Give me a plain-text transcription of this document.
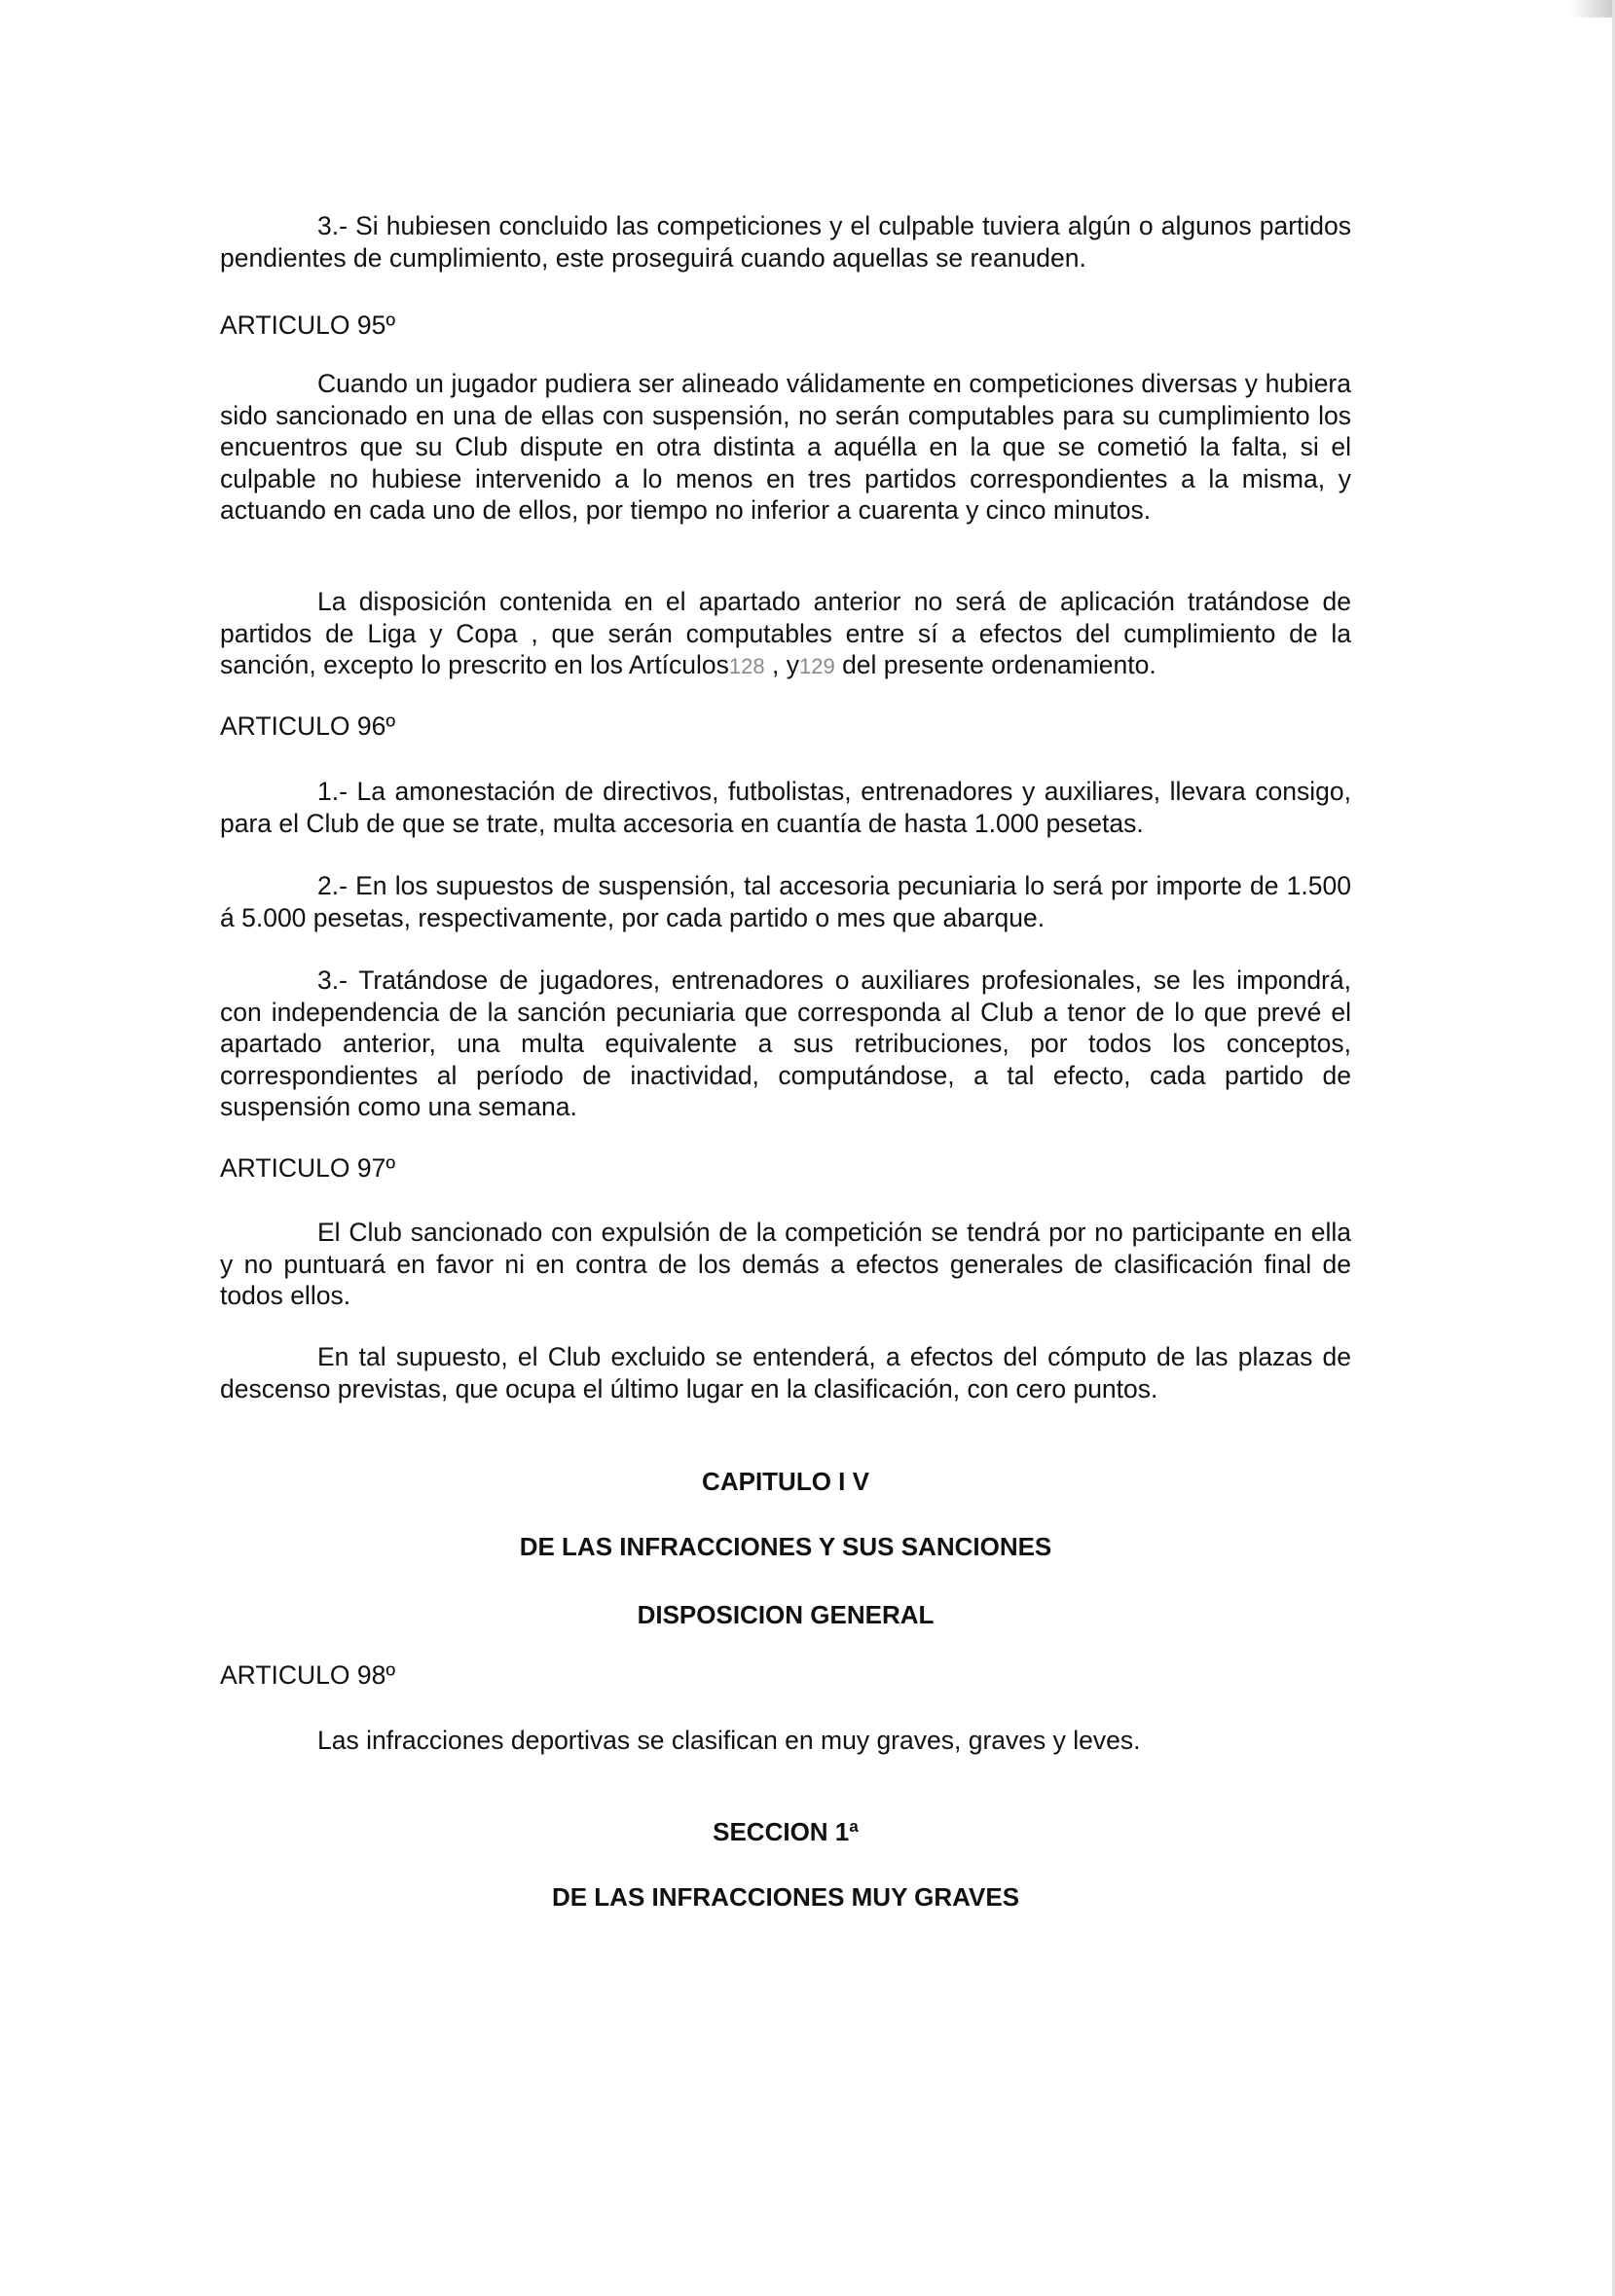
3.- Si hubiesen concluido las competiciones y el culpable tuviera algún o algunos partidos pendientes de cumplimiento, este proseguirá cuando aquellas se reanuden.

ARTICULO 95º

Cuando un jugador pudiera ser alineado válidamente en competiciones diversas y hubiera sido sancionado en una de ellas con suspensión, no serán computables para su cumplimiento los encuentros que su Club dispute en otra distinta a aquélla en la que se cometió la falta, si el culpable no hubiese intervenido a lo menos en tres partidos correspondientes a la misma, y actuando en cada uno de ellos, por tiempo no inferior a cuarenta y cinco minutos.

La disposición contenida en el apartado anterior no será de aplicación tratándose de partidos de Liga y Copa , que serán computables entre sí a efectos del cumplimiento de la sanción, excepto lo prescrito en los Artículos128 , y129 del presente ordenamiento.

ARTICULO 96º

1.- La amonestación de directivos, futbolistas, entrenadores y auxiliares, llevara consigo, para el Club de que se trate, multa accesoria en cuantía de hasta 1.000 pesetas.

2.- En los supuestos de suspensión, tal accesoria pecuniaria lo será por importe de 1.500 á 5.000 pesetas, respectivamente, por cada partido o mes que abarque.

3.- Tratándose de jugadores, entrenadores o auxiliares profesionales, se les impondrá, con independencia de la sanción pecuniaria que corresponda al Club a tenor de lo que prevé el apartado anterior, una multa equivalente a sus retribuciones, por todos los conceptos, correspondientes al período de inactividad, computándose, a tal efecto, cada partido de suspensión como una semana.

ARTICULO 97º

El Club sancionado con expulsión de la competición se tendrá por no participante en ella y no puntuará en favor ni en contra de los demás a efectos generales de clasificación final de todos ellos.

En tal supuesto, el Club excluido se entenderá, a efectos del cómputo de las plazas de descenso previstas, que ocupa el último lugar en la clasificación, con cero puntos.

CAPITULO I V

DE LAS INFRACCIONES Y SUS SANCIONES

DISPOSICION GENERAL

ARTICULO 98º

Las infracciones deportivas se clasifican en muy graves, graves y leves.

SECCION 1ª

DE LAS INFRACCIONES MUY GRAVES
